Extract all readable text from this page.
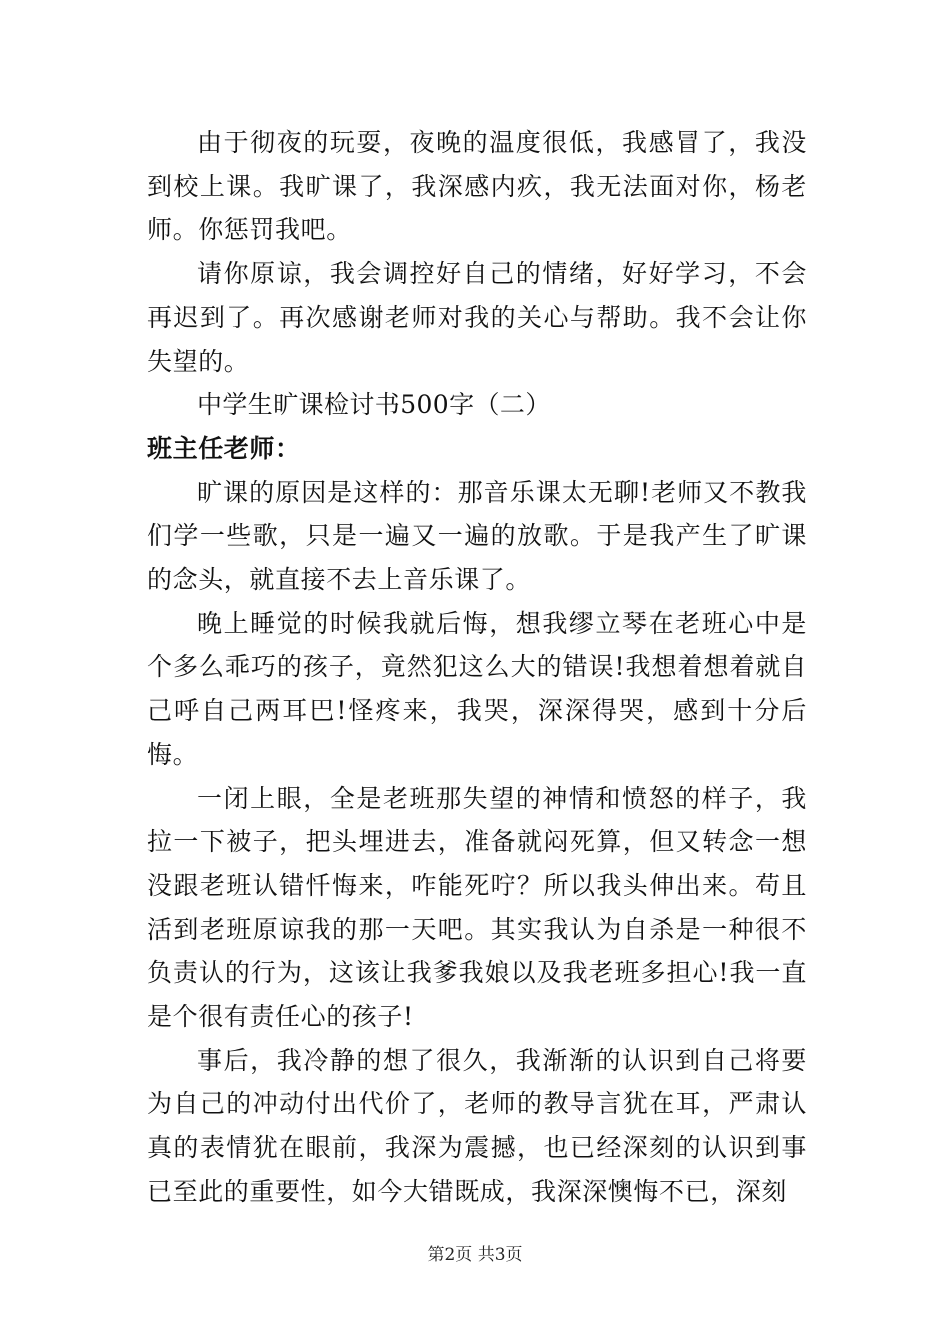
由于彻夜的玩耍，夜晚的温度很低，我感冒了，我没到校上课。我旷课了，我深感内疚，我无法面对你，杨老师。你惩罚我吧。

请你原谅，我会调控好自己的情绪，好好学习，不会再迟到了。再次感谢老师对我的关心与帮助。我不会让你失望的。

中学生旷课检讨书500字（二）

班主任老师：

旷课的原因是这样的：那音乐课太无聊!老师又不教我们学一些歌，只是一遍又一遍的放歌。于是我产生了旷课的念头，就直接不去上音乐课了。

晚上睡觉的时候我就后悔，想我缪立琴在老班心中是个多么乖巧的孩子，竟然犯这么大的错误!我想着想着就自己呼自己两耳巴!怪疼来，我哭，深深得哭，感到十分后悔。

一闭上眼，全是老班那失望的神情和愤怒的样子，我拉一下被子，把头埋进去，准备就闷死算，但又转念一想没跟老班认错忏悔来，咋能死咛？所以我头伸出来。苟且活到老班原谅我的那一天吧。其实我认为自杀是一种很不负责认的行为，这该让我爹我娘以及我老班多担心!我一直是个很有责任心的孩子!

事后，我冷静的想了很久，我渐渐的认识到自己将要为自己的冲动付出代价了，老师的教导言犹在耳，严肃认真的表情犹在眼前，我深为震撼，也已经深刻的认识到事已至此的重要性，如今大错既成，我深深懊悔不已，深刻

第2页 共3页
